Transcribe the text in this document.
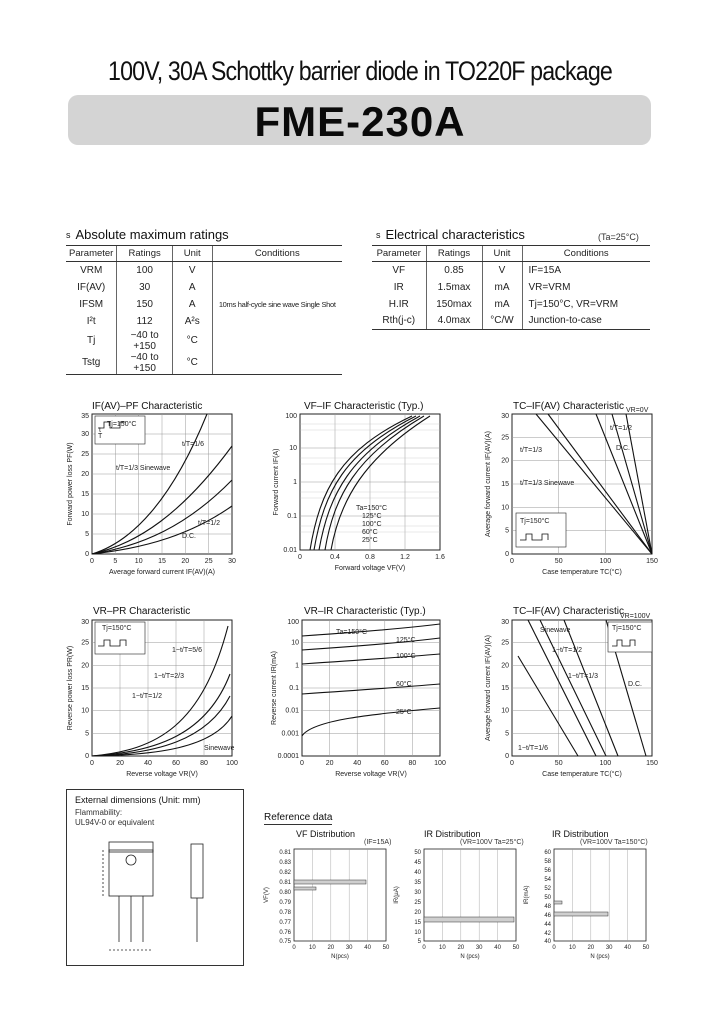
100V, 30A Schottky barrier diode in TO220F package
FME-230A
s Absolute maximum ratings
Parameter	Ratings	Unit	Conditions
VRM	100	V	
IF(AV)	30	A	
IFSM	150	A	10ms half-cycle sine wave Single Shot
I²t	112	A²s	
Tj	−40 to +150	°C	
Tstg	−40 to +150	°C	
s Electrical characteristics	(Ta=25°C)
Parameter	Ratings	Unit	Conditions
VF	0.85	V	IF=15A
IR	1.5max	mA	VR=VRM
H.IR	150max	mA	Tj=150°C, VR=VRM
Rth(j-c)	4.0max	°C/W	Junction-to-case
IF(AV)–PF Characteristic
0
5
10
15
20
25
30
35
0	5	10 15 20 25 30
Average forward current IF(AV)(A)
Forward power loss PF(W)
Tj=150°C
T
t
t/T=1/6
t/T=1/3 Sinewave
t/T=1/2
D.C.
VF–IF Characteristic (Typ.)
0.01
0.1
1
10
100
0	0.4	0.8	1.2	1.6
Forward voltage VF(V)
Forward current IF(A)	Ta=150°C
125°C
100°C
60°C
25°C
TC–IF(AV) Characteristic
0
5
10
15
20
25
30
0	50	100	150
Case temperature TC(°C)
Average forward current IF(AV)(A)
VR=0V
t/T=1/2
t/T=1/3
t/T=1/3 Sinewave
D.C.
Tj=150°C
VR–PR Characteristic
0
5
10
15
20
25
30
0	20	40	60	80	100
Reverse voltage VR(V)
Reverse power loss PR(W)
Tj=150°C
1−t/T=5/6
1−t/T=2/3
1−t/T=1/2
Sinewave
VR–IR Characteristic (Typ.)
0.0001
0.001
0.01
0.1
1
10
100
0	20	40	60	80	100
Reverse voltage VR(V)
Reverse current IR(mA)
Ta=150°C
125°C
100°C
60°C
25°C
TC–IF(AV) Characteristic
0
5
10
15
20
25
30
0	50	100	150
Case temperature TC(°C)
Average forward current IF(AV)(A)
VR=100V
Tj=150°C
Sinewave
1−t/T=1/2
1−t/T=1/3
D.C.
1−t/T=1/6
External dimensions (Unit: mm)
Flammability:
UL94V-0 or equivalent	Reference data
VF Distribution
(IF=15A)
0.81
0.83
0.82
0.81
0.80
0.79
0.78
0.77
0.76
0.75
0 10 20 30 40 50
N(pcs)
VF(V)
IR Distribution
(VR=100V Ta=25°C)
50
45
40
35
30
25
20
15
10
5
0 10 20 30 40 50
N (pcs)
IR(µA)
IR Distribution
(VR=100V Ta=150°C)
60
58
56
54
52
50
48
46
44
42
40
0 10 20 30 40 50
N (pcs)
IR(mA)
